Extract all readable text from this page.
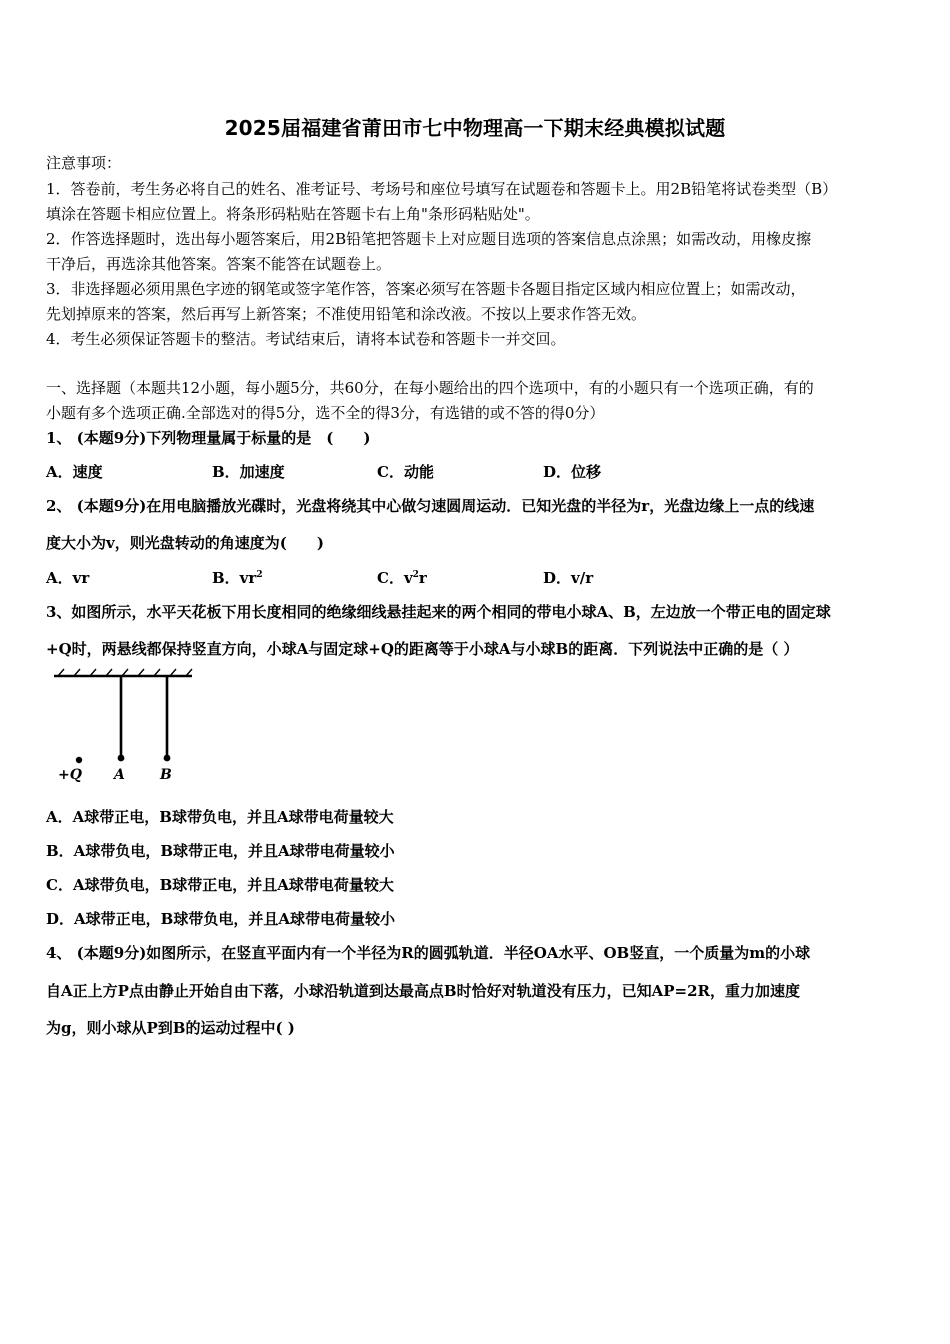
2025届福建省莆田市七中物理高一下期末经典模拟试题
注意事项：
1．答卷前，考生务必将自己的姓名、准考证号、考场号和座位号填写在试题卷和答题卡上。用2B铅笔将试卷类型（B）
填涂在答题卡相应位置上。将条形码粘贴在答题卡右上角"条形码粘贴处"。
2．作答选择题时，选出每小题答案后，用2B铅笔把答题卡上对应题目选项的答案信息点涂黑；如需改动，用橡皮擦
干净后，再选涂其他答案。答案不能答在试题卷上。
3．非选择题必须用黑色字迹的钢笔或签字笔作答，答案必须写在答题卡各题目指定区域内相应位置上；如需改动，
先划掉原来的答案，然后再写上新答案；不准使用铅笔和涂改液。不按以上要求作答无效。
4．考生必须保证答题卡的整洁。考试结束后，请将本试卷和答题卡一并交回。
一、选择题（本题共12小题，每小题5分，共60分，在每小题给出的四个选项中，有的小题只有一个选项正确，有的
小题有多个选项正确.全部选对的得5分，选不全的得3分，有选错的或不答的得0分）
1、 (本题9分)下列物理量属于标量的是　(　　)
A．速度	B．加速度	C．动能	D．位移
2、 (本题9分)在用电脑播放光碟时，光盘将绕其中心做匀速圆周运动．已知光盘的半径为r，光盘边缘上一点的线速
度大小为v，则光盘转动的角速度为(　　)
A．vr	B．$vr^2$	C．$v^2r$	D．v/r
3、如图所示，水平天花板下用长度相同的绝缘细线悬挂起来的两个相同的带电小球A、B，左边放一个带正电的固定球
+Q时，两悬线都保持竖直方向，小球A与固定球+Q的距离等于小球A与小球B的距离．下列说法中正确的是（ ）
+Q A	B
A．A球带正电，B球带负电，并且A球带电荷量较大
B．A球带负电，B球带正电，并且A球带电荷量较小
C．A球带负电，B球带正电，并且A球带电荷量较大
D．A球带正电，B球带负电，并且A球带电荷量较小
4、 (本题9分)如图所示，在竖直平面内有一个半径为R的圆弧轨道．半径OA水平、OB竖直，一个质量为m的小球
自A正上方P点由静止开始自由下落，小球沿轨道到达最高点B时恰好对轨道没有压力，已知AP=2R，重力加速度
为g，则小球从P到B的运动过程中( )
